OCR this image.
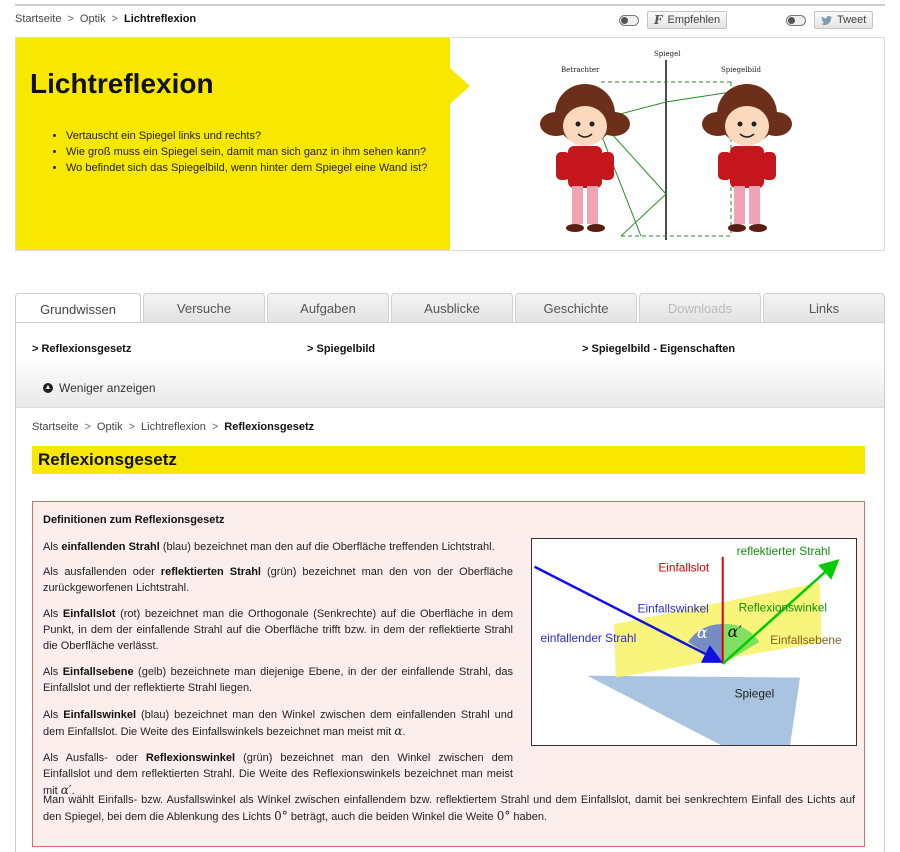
Startseite > Optik > Lichtreflexion	F Empfehlen	Tweet
Lichtreflexion
• Vertauscht ein Spiegel links und rechts?
• Wie groß muss ein Spiegel sein, damit man sich ganz in ihm sehen kann?
• Wo befindet sich das Spiegelbild, wenn hinter dem Spiegel eine Wand ist?
Betrachter
Spiegel
Spiegelbild
Grundwissen	Versuche	Aufgaben	Ausblicke	Geschichte	Downloads	Links
> Reflexionsgesetz	> Spiegelbild	> Spiegelbild - Eigenschaften
▲ Weniger anzeigen
Startseite > Optik > Lichtreflexion > Reflexionsgesetz
Reflexionsgesetz
Definitionen zum Reflexionsgesetz

Als einfallenden Strahl (blau) bezeichnet man den auf die Oberfläche treffenden Lichtstrahl.

Als ausfallenden oder reflektierten Strahl (grün) bezeichnet man den von der Oberfläche zurückgeworfenen Lichtstrahl.

Als Einfallslot (rot) bezeichnet man die Orthogonale (Senkrechte) auf die Oberfläche in dem Punkt, in dem der einfallende Strahl auf die Oberfläche trifft bzw. in dem der reflektierte Strahl die Oberfläche verlässt.

Als Einfallsebene (gelb) bezeichnete man diejenige Ebene, in der der einfallende Strahl, das Einfallslot und der reflektierte Strahl liegen.

Als Einfallswinkel (blau) bezeichnet man den Winkel zwischen dem einfallenden Strahl und dem Einfallslot. Die Weite des Einfallswinkels bezeichnet man meist mit α.

Als Ausfalls- oder Reflexionswinkel (grün) bezeichnet man den Winkel zwischen dem Einfallslot und dem reflektierten Strahl. Die Weite des Reflexionswinkels bezeichnet man meist mit α′.

Man wählt Einfalls- bzw. Ausfallswinkel als Winkel zwischen einfallendem bzw. reflektiertem Strahl und dem Einfallslot, damit bei senkrechtem Einfall des Lichts auf den Spiegel, bei dem die Ablenkung des Lichts 0° beträgt, auch die beiden Winkel die Weite 0° haben.

reflektierter Strahl
Einfallslot
Einfallswinkel Reflexionswinkel
einfallender Strahl	Einfallsebene
Spiegel
α α′
